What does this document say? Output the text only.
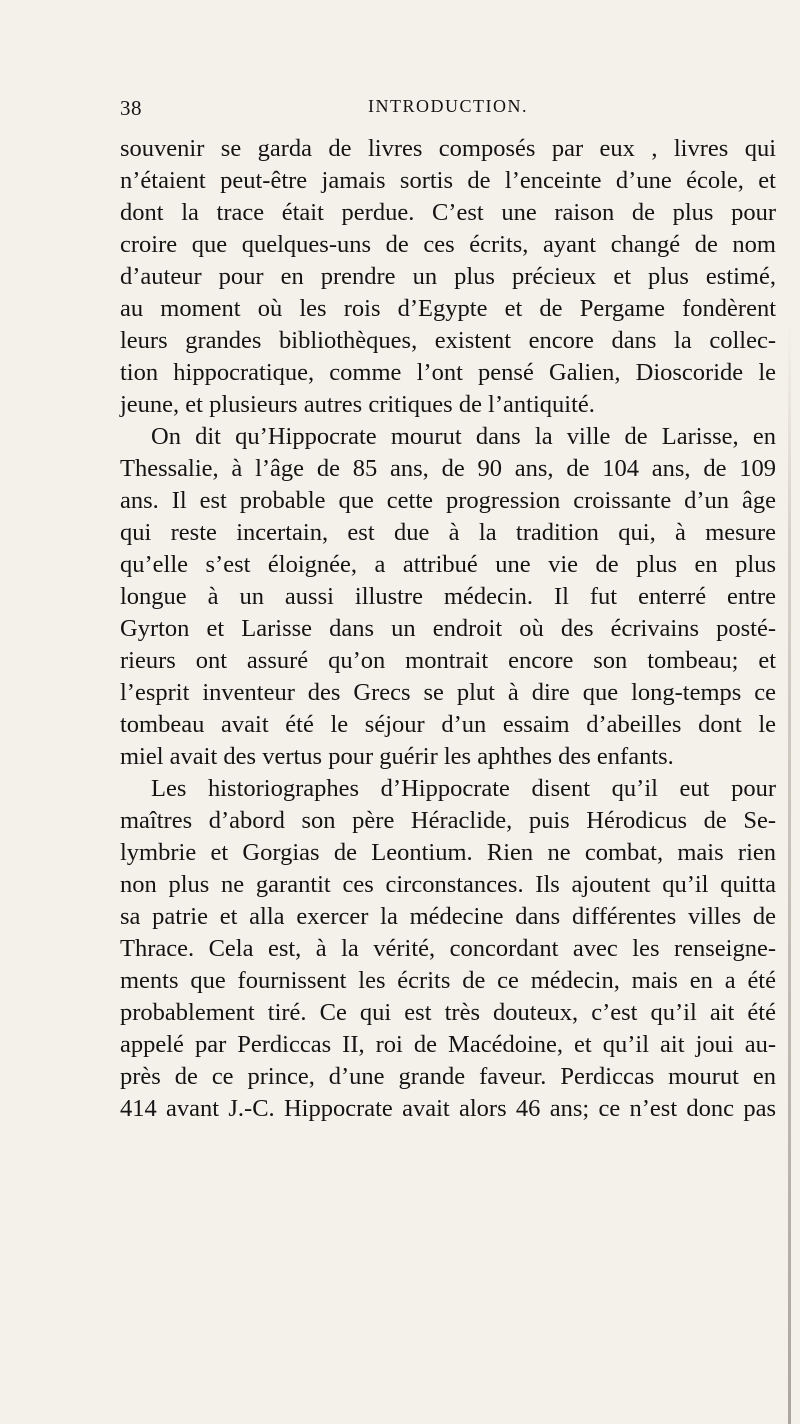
38	INTRODUCTION.
souvenir se garda de livres composés par eux , livres qui
n’étaient peut-être jamais sortis de l’enceinte d’une école, et
dont la trace était perdue. C’est une raison de plus pour
croire que quelques-uns de ces écrits, ayant changé de nom
d’auteur pour en prendre un plus précieux et plus estimé,
au moment où les rois d’Egypte et de Pergame fondèrent
leurs grandes bibliothèques, existent encore dans la collec-
tion hippocratique, comme l’ont pensé Galien, Dioscoride le
jeune, et plusieurs autres critiques de l’antiquité.
On dit qu’Hippocrate mourut dans la ville de Larisse, en
Thessalie, à l’âge de 85 ans, de 90 ans, de 104 ans, de 109
ans. Il est probable que cette progression croissante d’un âge
qui reste incertain, est due à la tradition qui, à mesure
qu’elle s’est éloignée, a attribué une vie de plus en plus
longue à un aussi illustre médecin. Il fut enterré entre
Gyrton et Larisse dans un endroit où des écrivains posté-
rieurs ont assuré qu’on montrait encore son tombeau; et
l’esprit inventeur des Grecs se plut à dire que long-temps ce
tombeau avait été le séjour d’un essaim d’abeilles dont le
miel avait des vertus pour guérir les aphthes des enfants.
Les historiographes d’Hippocrate disent qu’il eut pour
maîtres d’abord son père Héraclide, puis Hérodicus de Se-
lymbrie et Gorgias de Leontium. Rien ne combat, mais rien
non plus ne garantit ces circonstances. Ils ajoutent qu’il quitta
sa patrie et alla exercer la médecine dans différentes villes de
Thrace. Cela est, à la vérité, concordant avec les renseigne-
ments que fournissent les écrits de ce médecin, mais en a été
probablement tiré. Ce qui est très douteux, c’est qu’il ait été
appelé par Perdiccas II, roi de Macédoine, et qu’il ait joui au-
près de ce prince, d’une grande faveur. Perdiccas mourut en
414 avant J.-C. Hippocrate avait alors 46 ans; ce n’est donc pas
